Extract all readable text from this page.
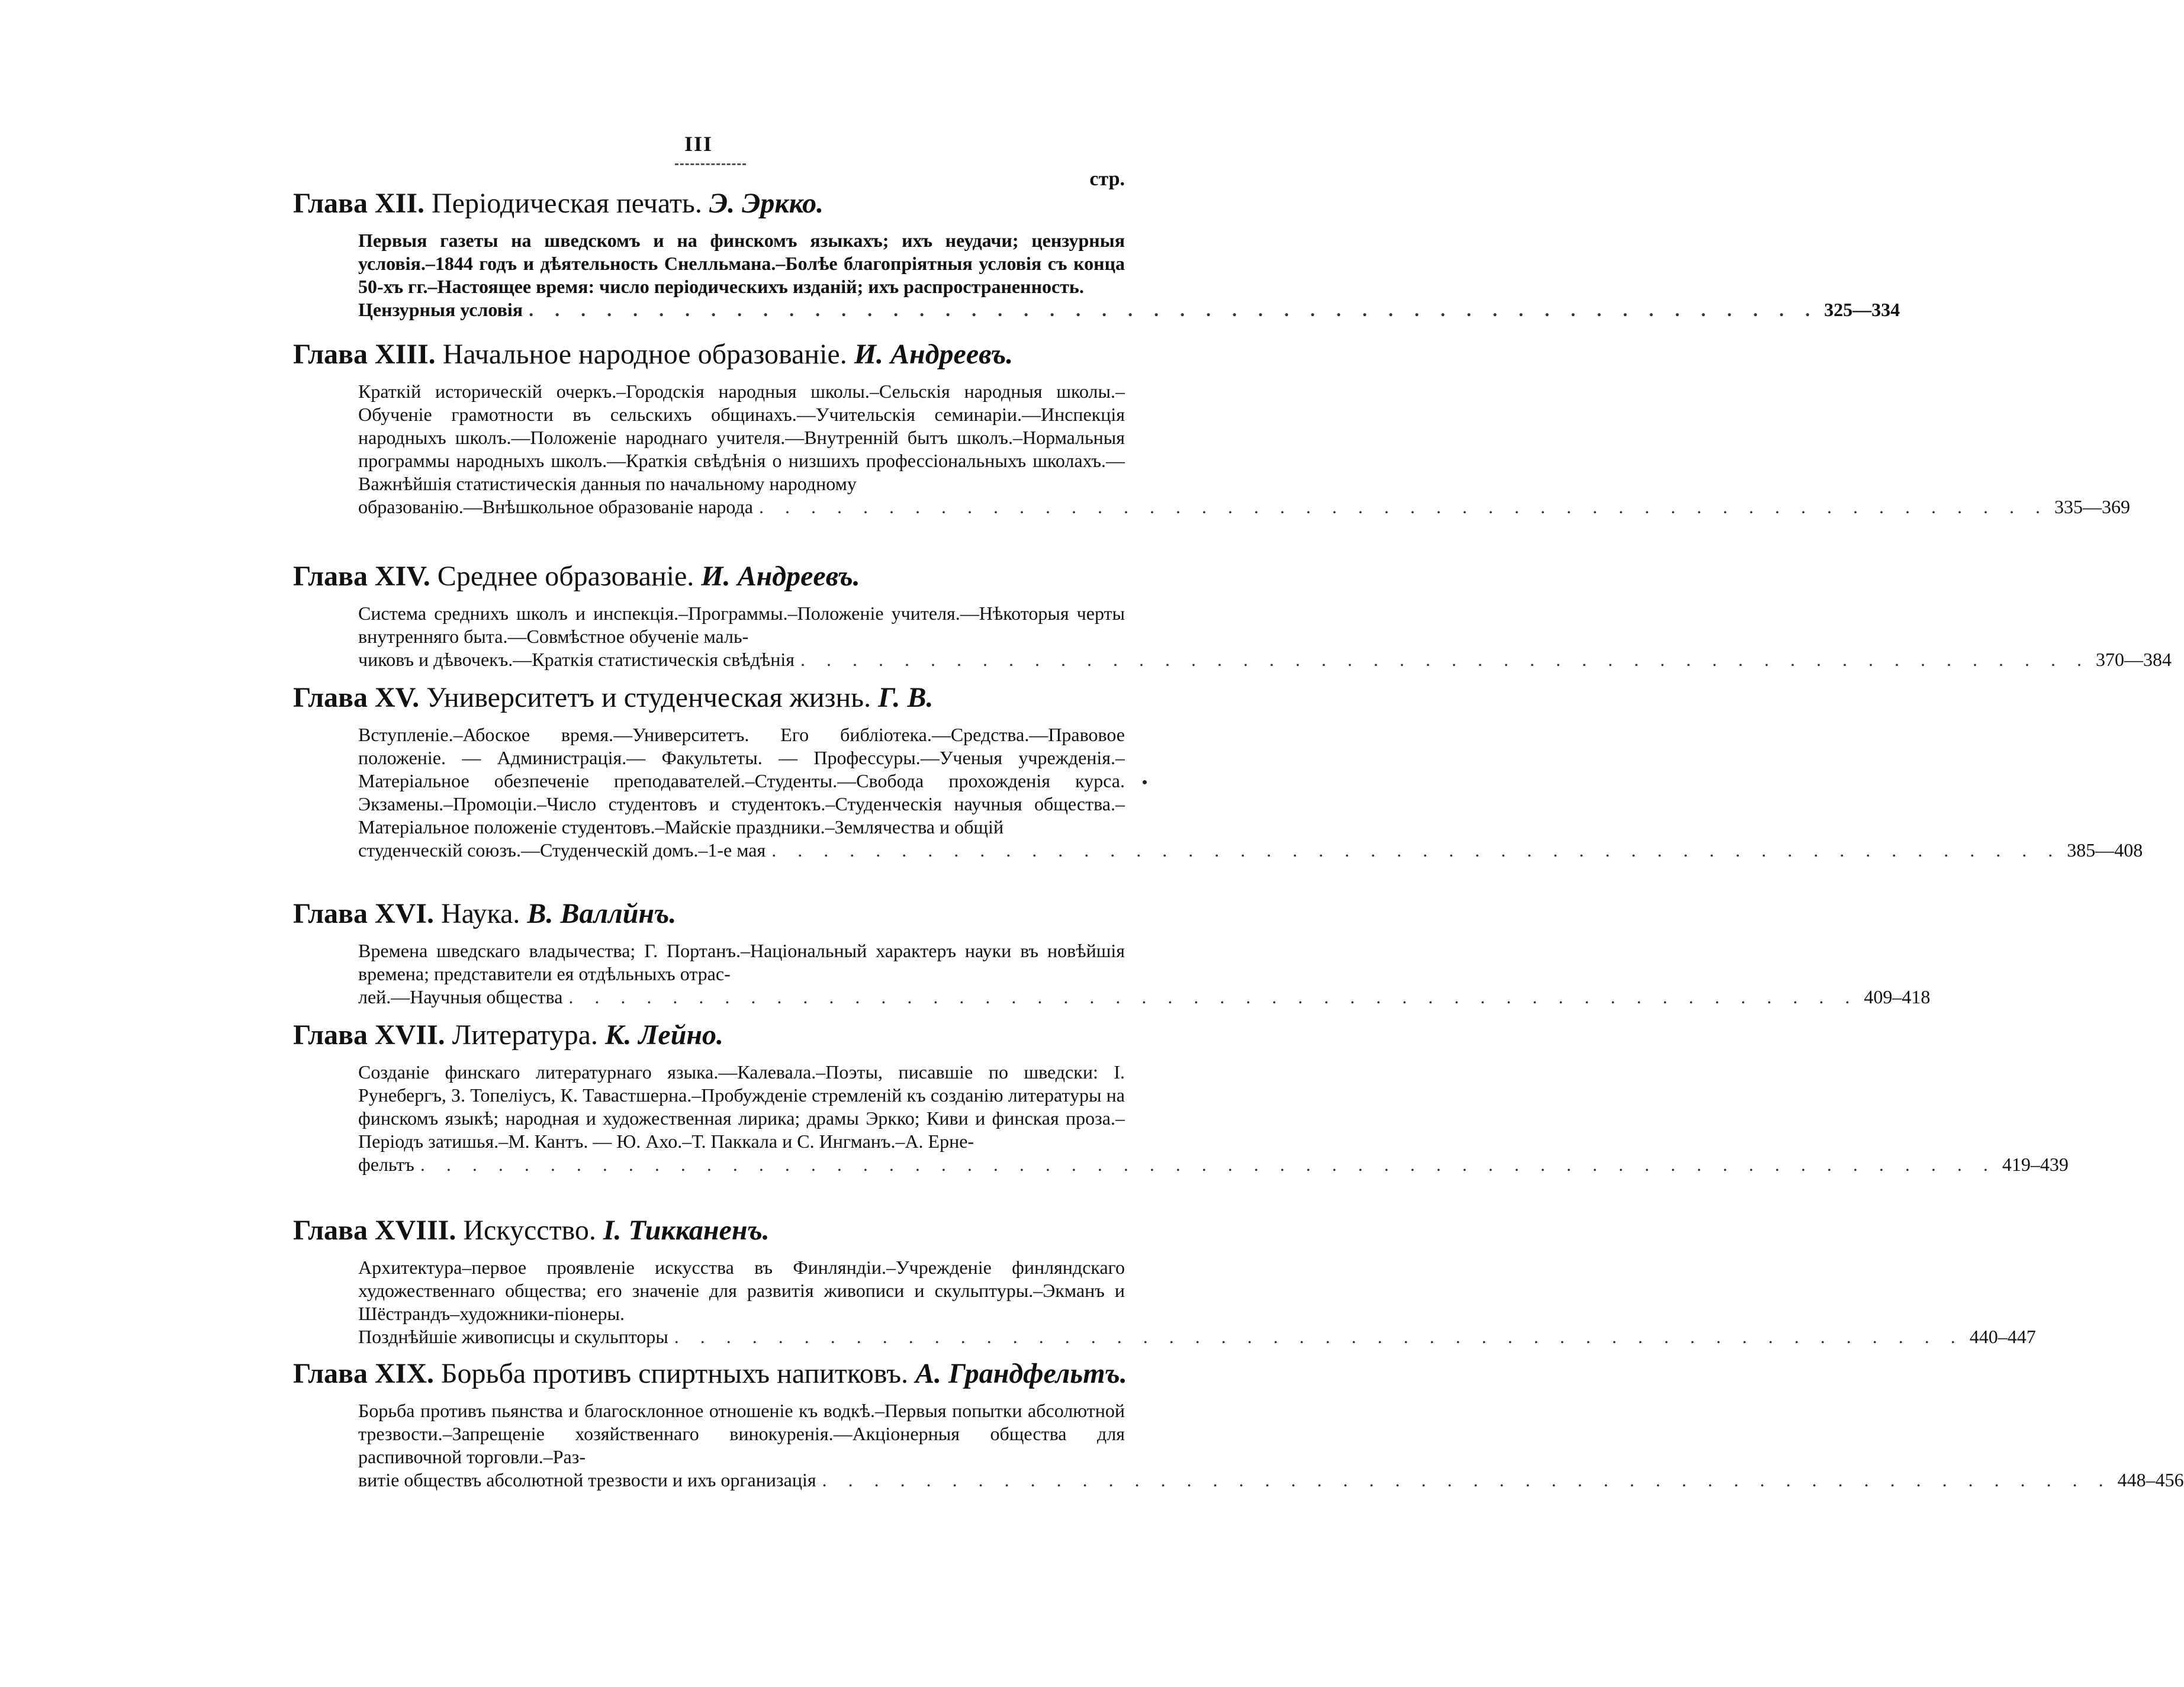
III
стр.
Глава XII. Періодическая печать. Э. Эркко.
Первыя газеты на шведскомъ и на финскомъ языкахъ; ихъ неудачи; цензурныя условія.–1844 годъ и дѣятельность Снелльмана.–Болѣе благопріятныя условія съ конца 50-хъ гг.–Настоящее время: число періодическихъ изданій; ихъ распространенность.
Цензурныя условія . . . . . . . . . . . . . . . . . . . . . . . . . . . . . . . . . . . . . . . . . . . . . . . . . . 325—334
Глава XIII. Начальное народное образованіе. И. Андреевъ.
Краткій историческій очеркъ.–Городскія народныя школы.–Сельскія народныя школы.–Обученіе грамотности въ сельскихъ общинахъ.—Учительскія семинаріи.—Инспекція народныхъ школъ.—Положеніе народнаго учителя.—Внутренній бытъ школъ.–Нормальныя программы народныхъ школъ.—Краткія свѣдѣнія о низшихъ профессіональныхъ школахъ.—Важнѣйшія статистическія данныя по начальному народному
образованію.—Внѣшкольное образованіе народа . . . . . . . . . . . . . . . . . . . . . . . . . . . . . . . . . . . . . . . . . . . . . . . . . . 335—369
Глава XIV. Среднее образованіе. И. Андреевъ.
Система среднихъ школъ и инспекція.–Программы.–Положеніе учителя.—Нѣкоторыя черты внутренняго быта.—Совмѣстное обученіе маль-
чиковъ и дѣвочекъ.—Краткія статистическія свѣдѣнія . . . . . . . . . . . . . . . . . . . . . . . . . . . . . . . . . . . . . . . . . . . . . . . . . . 370—384
Глава XV. Университетъ и студенческая жизнь. Г. В.
Вступленіе.–Абоское время.—Университетъ. Его библіотека.—Средства.—Правовое положеніе. — Администрація.— Факультеты. — Профессуры.—Ученыя учрежденія.–Матеріальное обезпеченіе преподавателей.–Студенты.—Свобода прохожденія курса. Экзамены.–Промоціи.–Число студентовъ и студентокъ.–Студенческія научныя общества.–Матеріальное положеніе студентовъ.–Майскіе праздники.–Землячества и общій
студенческій союзъ.—Студенческій домъ.–1-е мая . . . . . . . . . . . . . . . . . . . . . . . . . . . . . . . . . . . . . . . . . . . . . . . . . . 385—408
Глава XVI. Наука. В. Валлйнъ.
Времена шведскаго владычества; Г. Портанъ.–Національный характеръ науки въ новѣйшія времена; представители ея отдѣльныхъ отрас-
лей.—Научныя общества . . . . . . . . . . . . . . . . . . . . . . . . . . . . . . . . . . . . . . . . . . . . . . . . . . 409–418
Глава XVII. Литература. К. Лейно.
Созданіе финскаго литературнаго языка.—Калевала.–Поэты, писавшіе по шведски: І. Рунебергъ, З. Топеліусъ, К. Тавастшерна.–Пробужденіе стремленій къ созданію литературы на финскомъ языкѣ; народная и художественная лирика; драмы Эркко; Киви и финская проза.–Періодъ затишья.–М. Кантъ. — Ю. Ахо.–Т. Паккала и С. Ингманъ.–А. Ерне-
фельтъ . . . . . . . . . . . . . . . . . . . . . . . . . . . . . . . . . . . . . . . . . . . . . . . . . . . . . . . . . . . . . 419–439
Глава XVIII. Искусство. І. Тикканенъ.
Архитектура–первое проявленіе искусства въ Финляндіи.–Учрежденіе финляндскаго художественнаго общества; его значеніе для развитія живописи и скульптуры.–Экманъ и Шёстрандъ–художники-піонеры.
Позднѣйшіе живописцы и скульпторы . . . . . . . . . . . . . . . . . . . . . . . . . . . . . . . . . . . . . . . . . . . . . . . . . . 440–447
Глава XIX. Борьба противъ спиртныхъ напитковъ. А. Грандфельтъ.
Борьба противъ пьянства и благосклонное отношеніе къ водкѣ.–Первыя попытки абсолютной трезвости.–Запрещеніе хозяйственнаго винокуренія.—Акціонерныя общества для распивочной торговли.–Раз-
витіе обществъ абсолютной трезвости и ихъ организація . . . . . . . . . . . . . . . . . . . . . . . . . . . . . . . . . . . . . . . . . . . . . . . . . . 448–456
